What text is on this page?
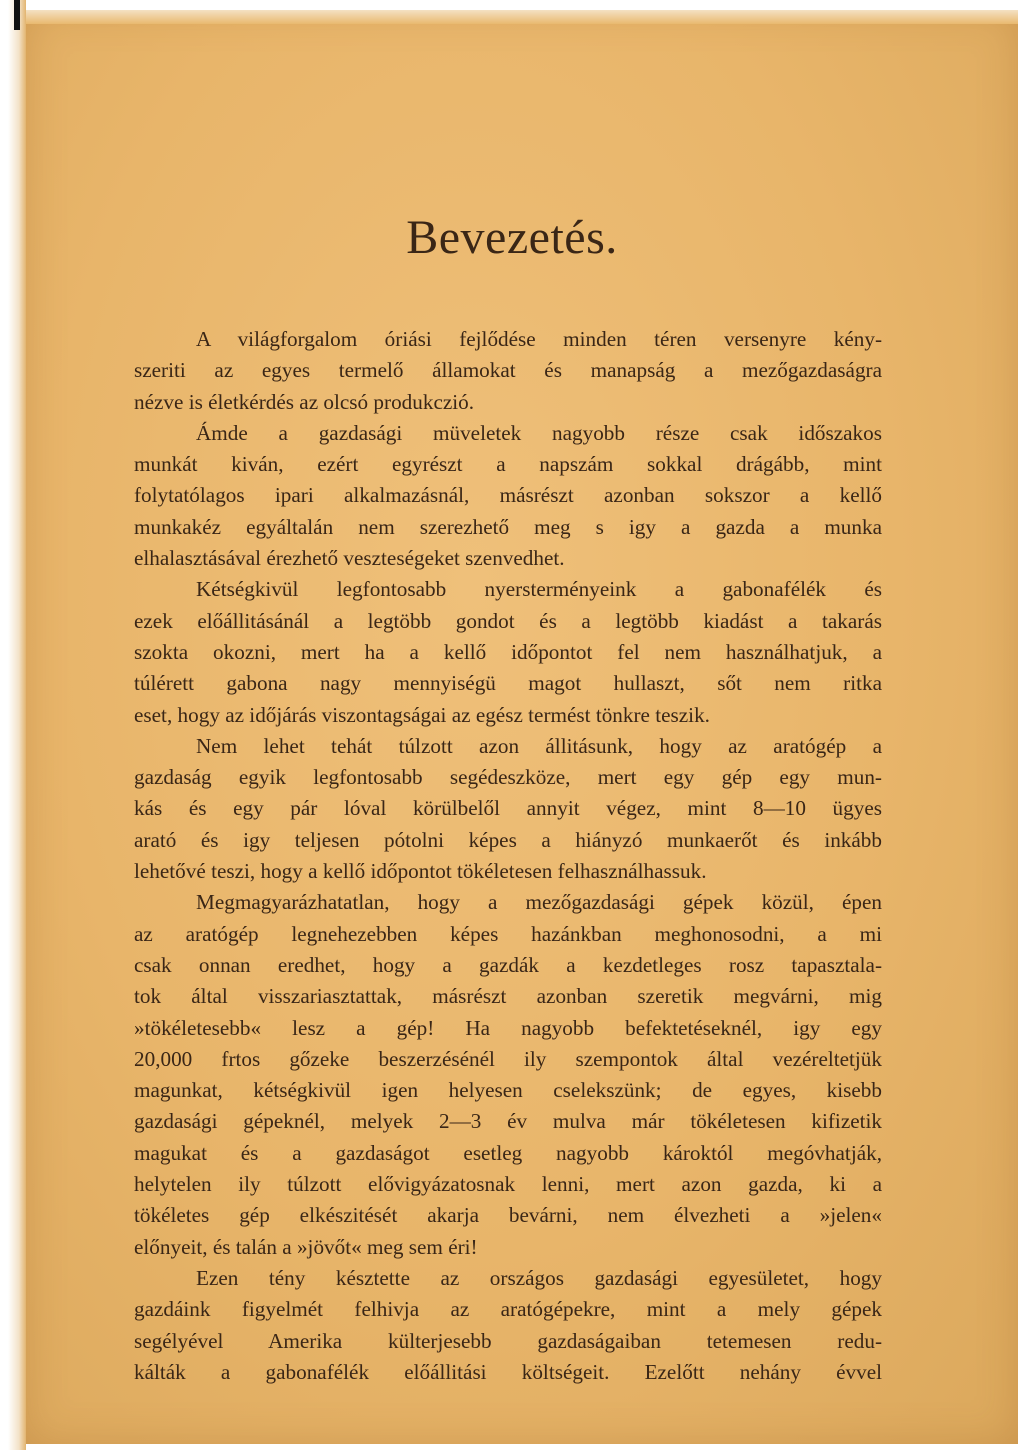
Bevezetés.
A világforgalom óriási fejlődése minden téren versenyre kény-
szeriti az egyes termelő államokat és manapság a mezőgazdaságra
nézve is életkérdés az olcsó produkczió.
Ámde a gazdasági müveletek nagyobb része csak időszakos
munkát kiván, ezért egyrészt a napszám sokkal drágább, mint
folytatólagos ipari alkalmazásnál, másrészt azonban sokszor a kellő
munkakéz egyáltalán nem szerezhető meg s igy a gazda a munka
elhalasztásával érezhető veszteségeket szenvedhet.
Kétségkivül legfontosabb nyersterményeink a gabonafélék és
ezek előállitásánál a legtöbb gondot és a legtöbb kiadást a takarás
szokta okozni, mert ha a kellő időpontot fel nem használhatjuk, a
túlérett gabona nagy mennyiségü magot hullaszt, sőt nem ritka
eset, hogy az időjárás viszontagságai az egész termést tönkre teszik.
Nem lehet tehát túlzott azon állitásunk, hogy az aratógép a
gazdaság egyik legfontosabb segédeszköze, mert egy gép egy mun-
kás és egy pár lóval körülbelől annyit végez, mint 8—10 ügyes
arató és igy teljesen pótolni képes a hiányzó munkaerőt és inkább
lehetővé teszi, hogy a kellő időpontot tökéletesen felhasználhassuk.
Megmagyarázhatatlan, hogy a mezőgazdasági gépek közül, épen
az aratógép legnehezebben képes hazánkban meghonosodni, a mi
csak onnan eredhet, hogy a gazdák a kezdetleges rosz tapasztala-
tok által visszariasztattak, másrészt azonban szeretik megvárni, mig
»tökéletesebb« lesz a gép! Ha nagyobb befektetéseknél, igy egy
20,000 frtos gőzeke beszerzésénél ily szempontok által vezéreltetjük
magunkat, kétségkivül igen helyesen cselekszünk; de egyes, kisebb
gazdasági gépeknél, melyek 2—3 év mulva már tökéletesen kifizetik
magukat és a gazdaságot esetleg nagyobb károktól megóvhatják,
helytelen ily túlzott elővigyázatosnak lenni, mert azon gazda, ki a
tökéletes gép elkészitését akarja bevárni, nem élvezheti a »jelen«
előnyeit, és talán a »jövőt« meg sem éri!
Ezen tény késztette az országos gazdasági egyesületet, hogy
gazdáink figyelmét felhivja az aratógépekre, mint a mely gépek
segélyével Amerika külterjesebb gazdaságaiban tetemesen redu-
kálták a gabonafélék előállitási költségeit. Ezelőtt nehány évvel
